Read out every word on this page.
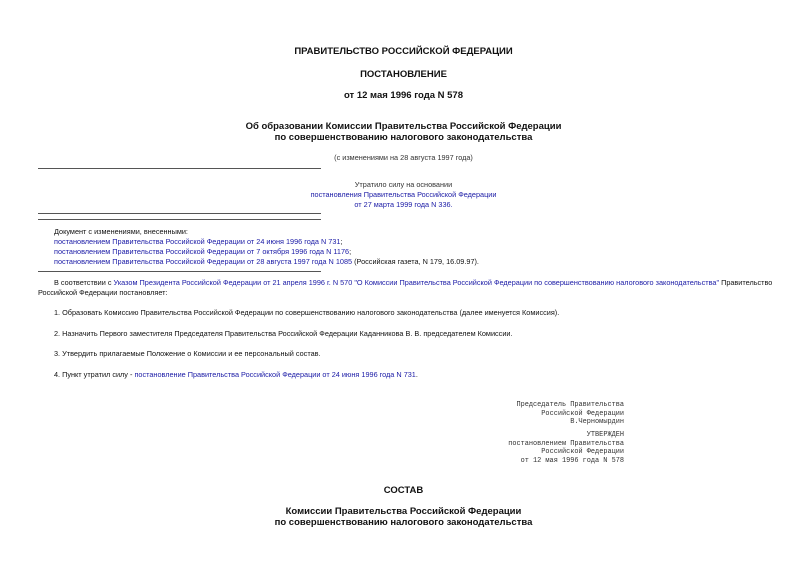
ПРАВИТЕЛЬСТВО РОССИЙСКОЙ ФЕДЕРАЦИИ
ПОСТАНОВЛЕНИЕ
от 12 мая 1996 года N 578
Об образовании Комиссии Правительства Российской Федерации
по совершенствованию налогового законодательства
(с изменениями на 28 августа 1997 года)
Утратило силу на основании
постановления Правительства Российской Федерации
от 27 марта 1999 года N 336.
Документ с изменениями, внесенными:
постановлением Правительства Российской Федерации от 24 июня 1996 года N 731;
постановлением Правительства Российской Федерации от 7 октября 1996 года N 1176;
постановлением Правительства Российской Федерации от 28 августа 1997 года N 1085 (Российская газета, N 179, 16.09.97).
В соответствии с Указом Президента Российской Федерации от 21 апреля 1996 г. N 570 "О Комиссии Правительства Российской Федерации по совершенствованию налогового законодательства" Правительство
Российской Федерации постановляет:
1. Образовать Комиссию Правительства Российской Федерации по совершенствованию налогового законодательства (далее именуется Комиссия).
2. Назначить Первого заместителя Председателя Правительства Российской Федерации Кадaнникова В. В. председателем Комиссии.
3. Утвердить прилагаемые Положение о Комиссии и ее персональный состав.
4. Пункт утратил силу - постановление Правительства Российской Федерации от 24 июня 1996 года N 731.
Председатель Правительства
Российской Федерации
В.Черномырдин
УТВЕРЖДЕН
постановлением Правительства
Российской Федерации
от 12 мая 1996 года N 578
СОСТАВ
Комиссии Правительства Российской Федерации
по совершенствованию налогового законодательства
